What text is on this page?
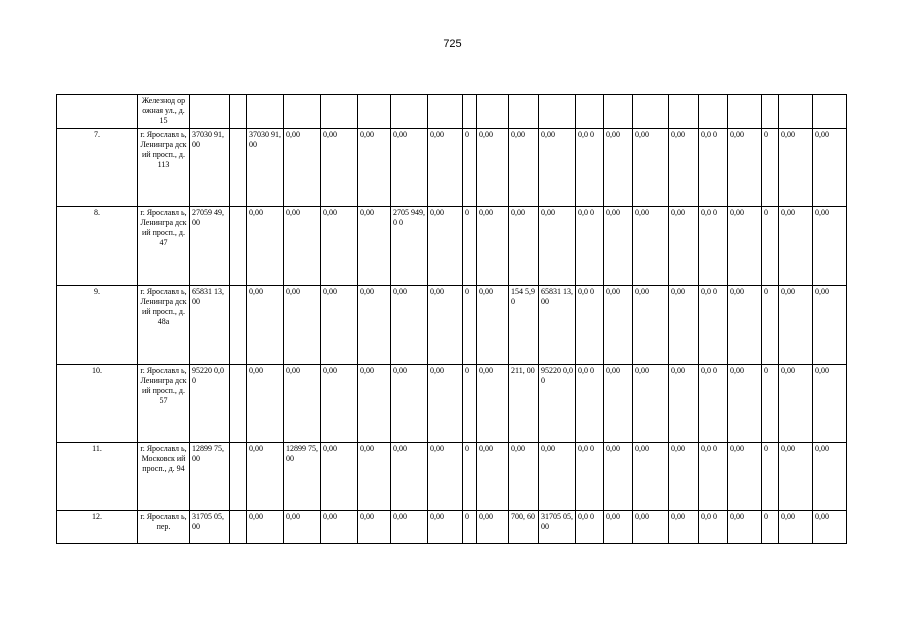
725
	Железнод орожная ул., д. 15																					
7.	г. Ярославл ь, Ленингра дский просп., д. 113	37030 91,00		37030 91,00	0,00	0,00	0,00	0,00	0,00	0	0,00	0,00	0,00	0,0 0	0,00	0,00	0,00	0,0 0	0,00	0	0,00	0,00
8.	г. Ярославл ь, Ленингра дский просп., д. 47	27059 49,00		0,00	0,00	0,00	0,00	2705 949,0 0	0,00	0	0,00	0,00	0,00	0,0 0	0,00	0,00	0,00	0,0 0	0,00	0	0,00	0,00
9.	г. Ярославл ь, Ленингра дский просп., д. 48а	65831 13,00		0,00	0,00	0,00	0,00	0,00	0,00	0	0,00	154 5,90	65831 13,00	0,0 0	0,00	0,00	0,00	0,0 0	0,00	0	0,00	0,00
10.	г. Ярославл ь, Ленингра дский просп., д. 57	95220 0,00		0,00	0,00	0,00	0,00	0,00	0,00	0	0,00	211, 00	95220 0,00	0,0 0	0,00	0,00	0,00	0,0 0	0,00	0	0,00	0,00
11.	г. Ярославл ь, Московск ий просп., д. 94	12899 75,00		0,00	12899 75,00	0,00	0,00	0,00	0,00	0	0,00	0,00	0,00	0,0 0	0,00	0,00	0,00	0,0 0	0,00	0	0,00	0,00
12.	г. Ярославл ь, пер.	31705 05,00		0,00	0,00	0,00	0,00	0,00	0,00	0	0,00	700, 60	31705 05,00	0,0 0	0,00	0,00	0,00	0,0 0	0,00	0	0,00	0,00
